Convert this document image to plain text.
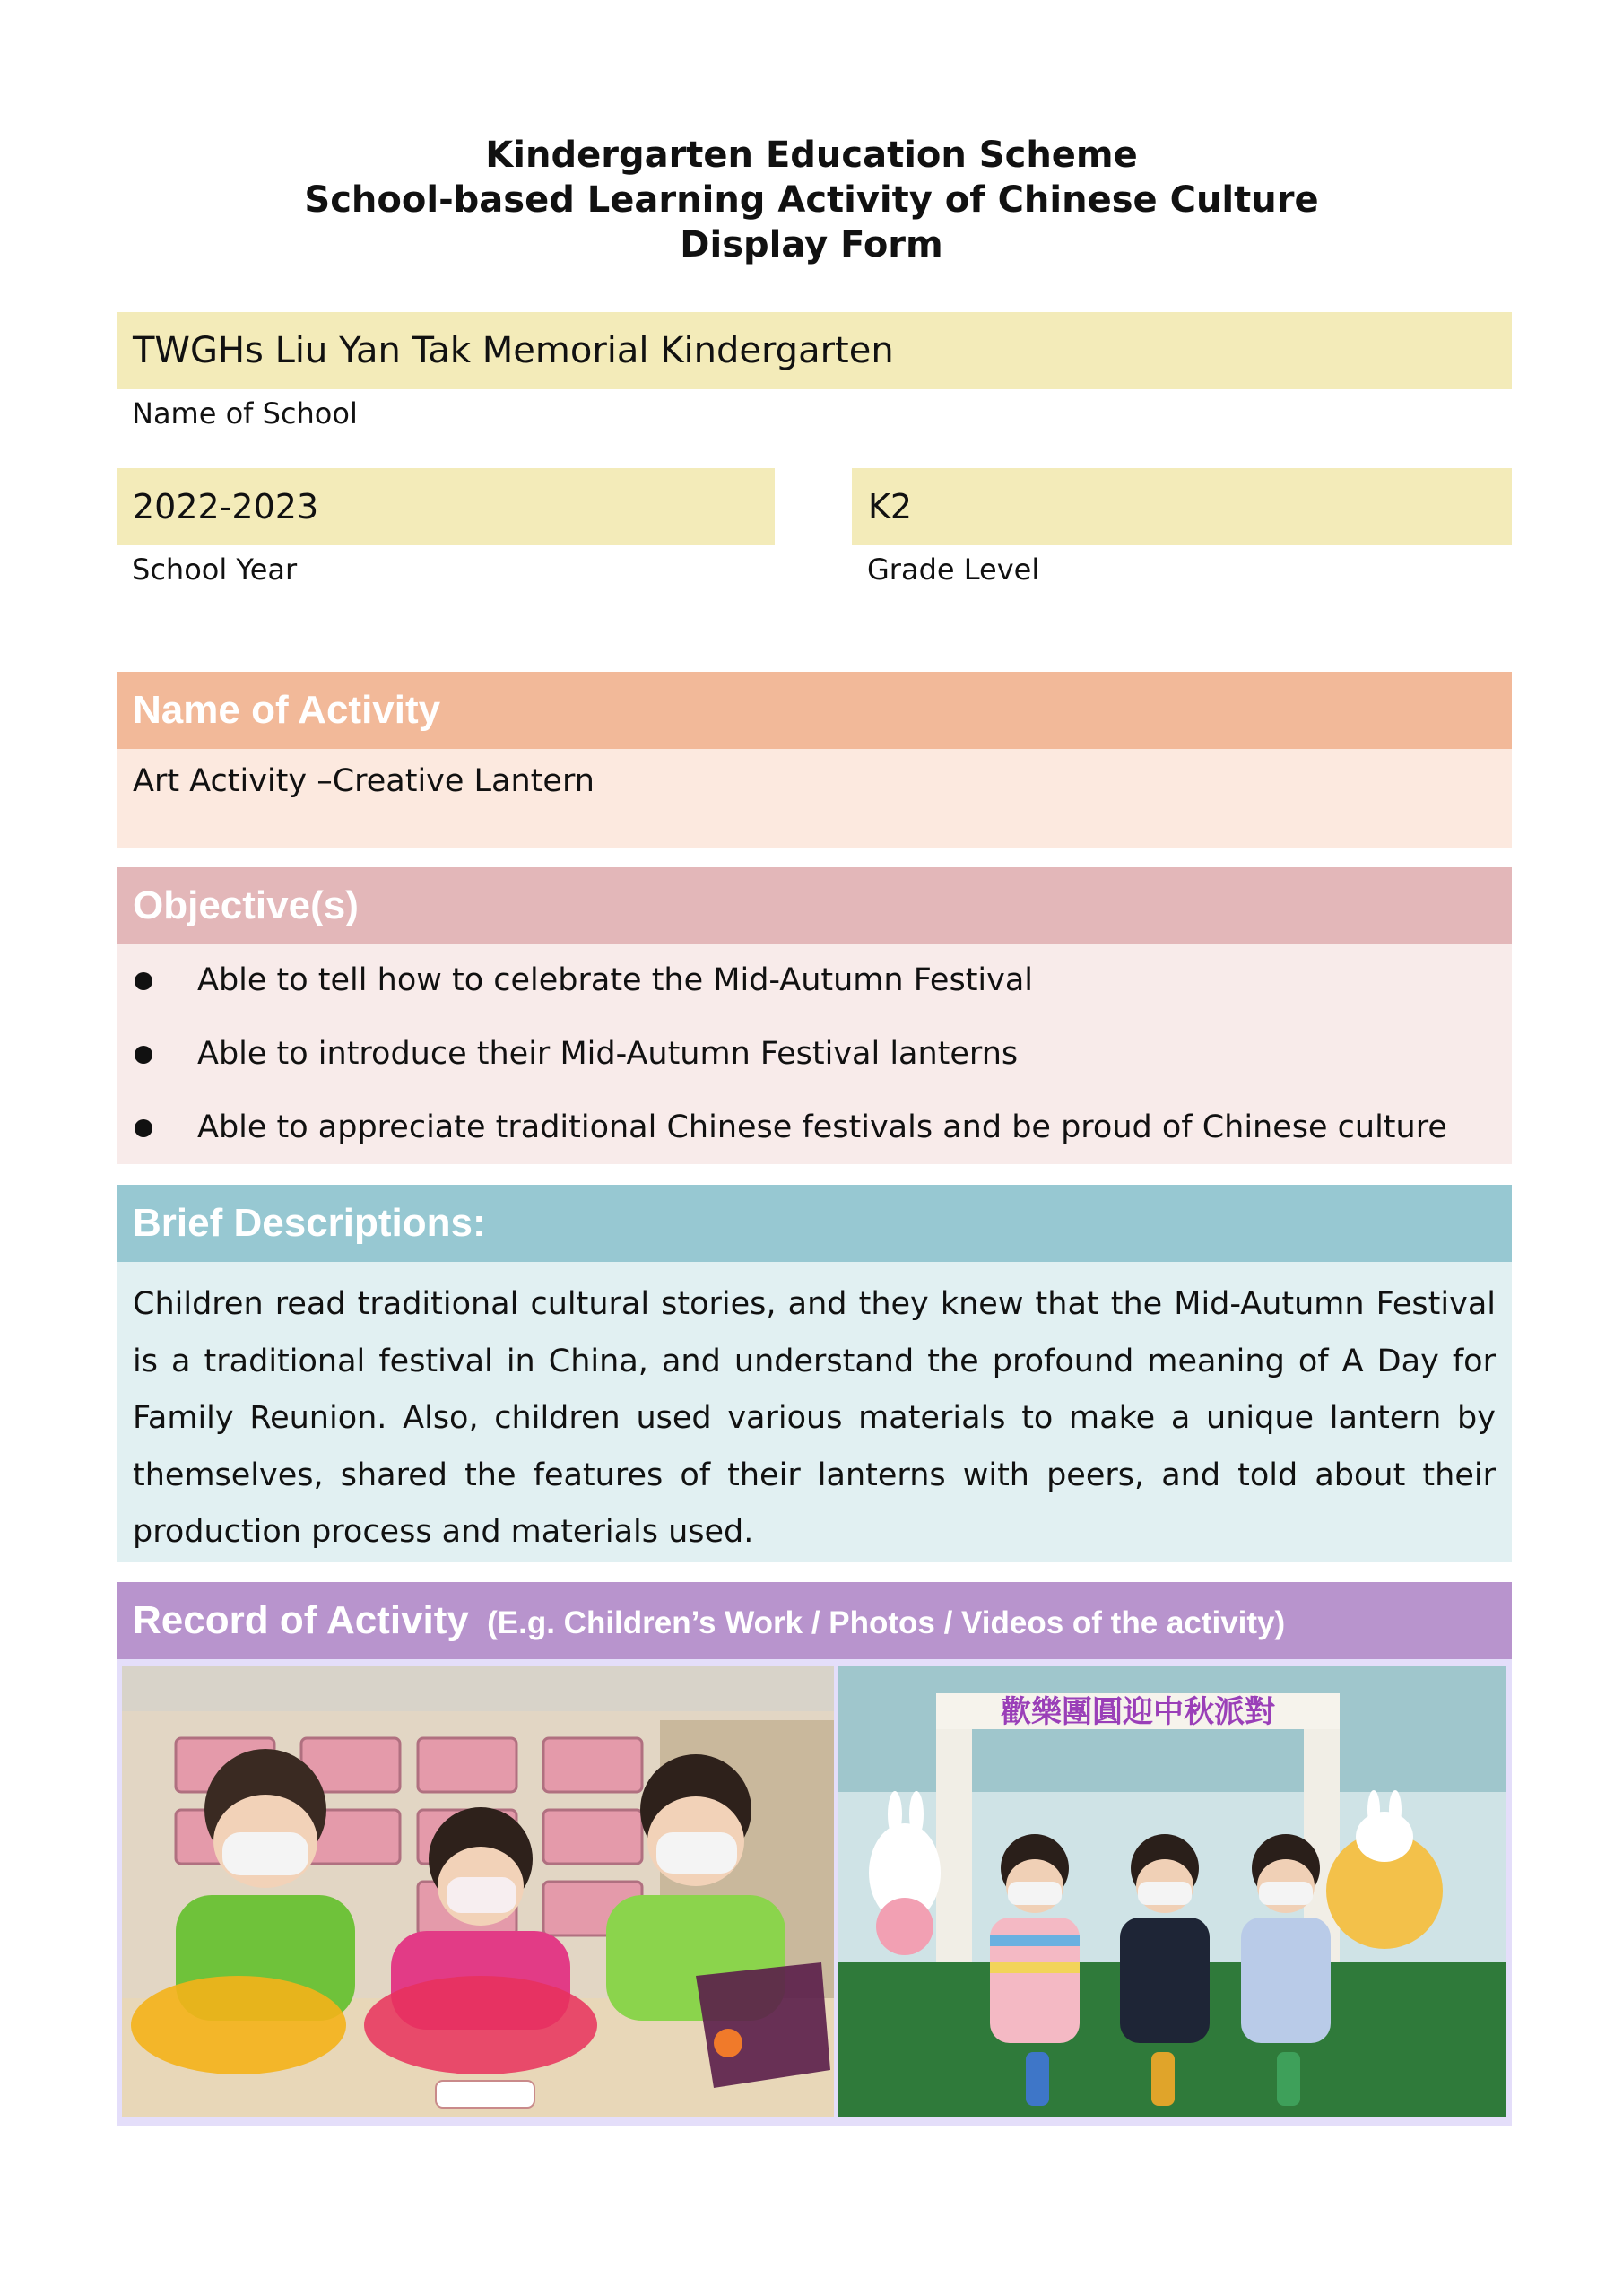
Kindergarten Education Scheme
School-based Learning Activity of Chinese Culture
Display Form
TWGHs Liu Yan Tak Memorial Kindergarten
Name of School
2022-2023
School Year
K2
Grade Level
Name of Activity
Art Activity –Creative Lantern
Objective(s)
Able to tell how to celebrate the Mid-Autumn Festival
Able to introduce their Mid-Autumn Festival lanterns
Able to appreciate traditional Chinese festivals and be proud of Chinese culture
Brief Descriptions:
Children read traditional cultural stories, and they knew that the Mid-Autumn Festival is a traditional festival in China, and understand the profound meaning of A Day for Family Reunion. Also, children used various materials to make a unique lantern by themselves, shared the features of their lanterns with peers, and told about their production process and materials used.
Record of Activity (E.g. Children’s Work / Photos / Videos of the activity)
歡樂團圓迎中秋派對
